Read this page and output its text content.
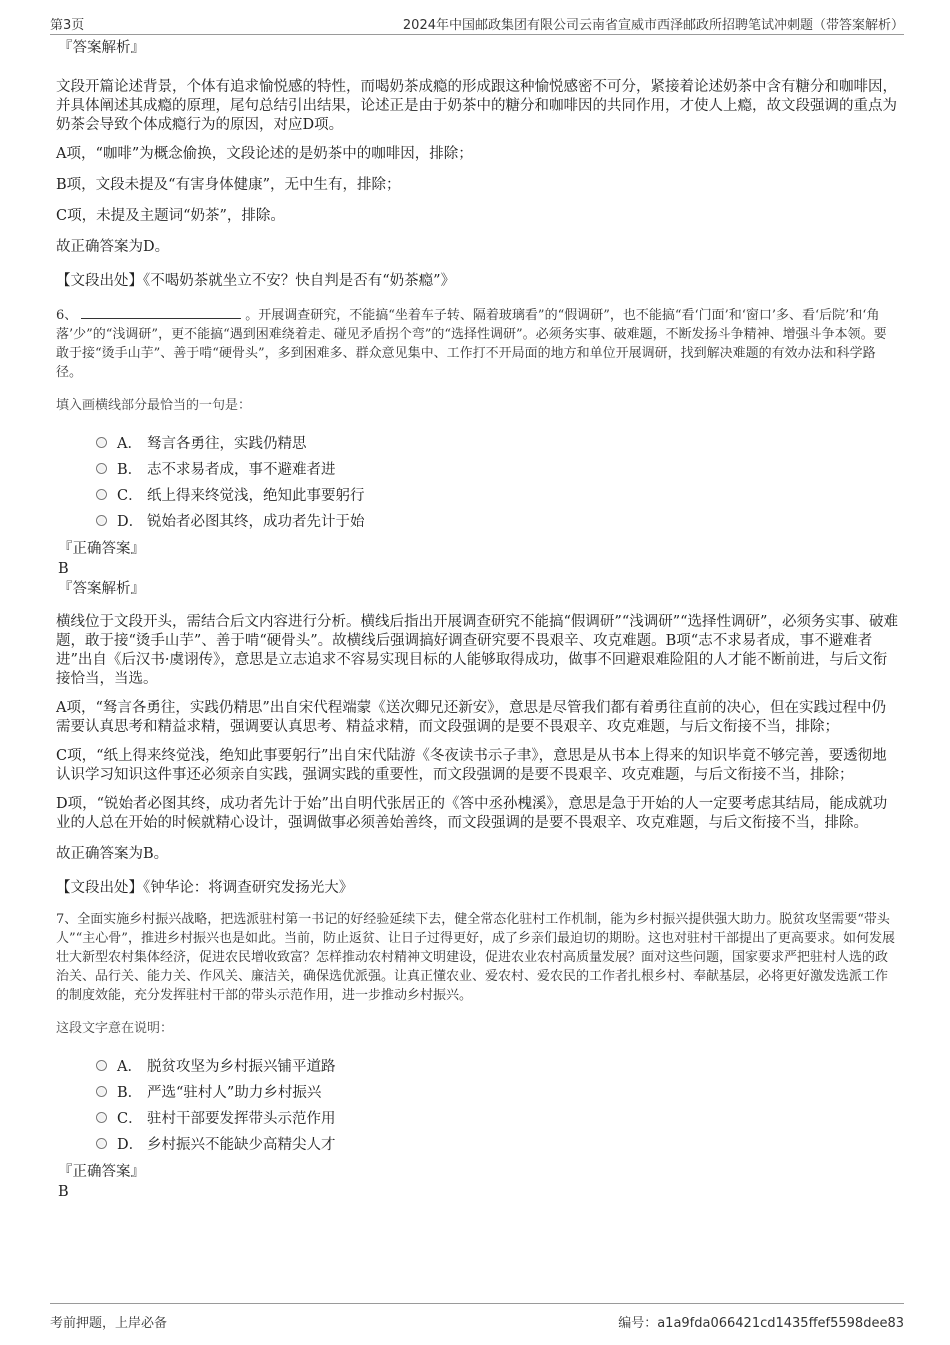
第3页	2024年中国邮政集团有限公司云南省宣威市西泽邮政所招聘笔试冲刺题（带答案解析）
『答案解析』

文段开篇论述背景，个体有追求愉悦感的特性，而喝奶茶成瘾的形成跟这种愉悦感密不可分，紧接着论述奶茶中含有糖分和咖啡因，并具体阐述其成瘾的原理，尾句总结引出结果，论述正是由于奶茶中的糖分和咖啡因的共同作用，才使人上瘾，故文段强调的重点为奶茶会导致个体成瘾行为的原因，对应D项。

A项，“咖啡”为概念偷换，文段论述的是奶茶中的咖啡因，排除；

B项，文段未提及“有害身体健康”，无中生有，排除；

C项，未提及主题词“奶茶”，排除。

故正确答案为D。

【文段出处】《不喝奶茶就坐立不安？快自判是否有“奶茶瘾”》

6、	。开展调查研究，不能搞“坐着车子转、隔着玻璃看”的“假调研”，也不能搞“看‘门面’和‘窗口’多、看‘后院’和‘角落’少”的“浅调研”，更不能搞“遇到困难绕着走、碰见矛盾拐个弯”的“选择性调研”。必须务实事、破难题，不断发扬斗争精神、增强斗争本领。要敢于接“烫手山芋”、善于啃“硬骨头”，多到困难多、群众意见集中、工作打不开局面的地方和单位开展调研，找到解决难题的有效办法和科学路径。

填入画横线部分最恰当的一句是：

A． 驽言各勇往，实践仍精思
B． 志不求易者成，事不避难者进
C． 纸上得来终觉浅，绝知此事要躬行
D． 锐始者必图其终，成功者先计于始
『正确答案』
B
『答案解析』

横线位于文段开头，需结合后文内容进行分析。横线后指出开展调查研究不能搞“假调研”“浅调研”“选择性调研”，必须务实事、破难题，敢于接“烫手山芋”、善于啃“硬骨头”。故横线后强调搞好调查研究要不畏艰辛、攻克难题。B项“志不求易者成，事不避难者进”出自《后汉书·虞诩传》，意思是立志追求不容易实现目标的人能够取得成功，做事不回避艰难险阻的人才能不断前进，与后文衔接恰当，当选。

A项，“驽言各勇往，实践仍精思”出自宋代程端蒙《送次卿兄还新安》，意思是尽管我们都有着勇往直前的决心，但在实践过程中仍需要认真思考和精益求精，强调要认真思考、精益求精，而文段强调的是要不畏艰辛、攻克难题，与后文衔接不当，排除；

C项，“纸上得来终觉浅，绝知此事要躬行”出自宋代陆游《冬夜读书示子聿》，意思是从书本上得来的知识毕竟不够完善，要透彻地认识学习知识这件事还必须亲自实践，强调实践的重要性，而文段强调的是要不畏艰辛、攻克难题，与后文衔接不当，排除；

D项，“锐始者必图其终，成功者先计于始”出自明代张居正的《答中丞孙槐溪》，意思是急于开始的人一定要考虑其结局，能成就功业的人总在开始的时候就精心设计，强调做事必须善始善终，而文段强调的是要不畏艰辛、攻克难题，与后文衔接不当，排除。

故正确答案为B。

【文段出处】《钟华论：将调查研究发扬光大》

7、全面实施乡村振兴战略，把选派驻村第一书记的好经验延续下去，健全常态化驻村工作机制，能为乡村振兴提供强大助力。脱贫攻坚需要“带头人”“主心骨”，推进乡村振兴也是如此。当前，防止返贫、让日子过得更好，成了乡亲们最迫切的期盼。这也对驻村干部提出了更高要求。如何发展壮大新型农村集体经济，促进农民增收致富？怎样推动农村精神文明建设，促进农业农村高质量发展？面对这些问题，国家要求严把驻村人选的政治关、品行关、能力关、作风关、廉洁关，确保选优派强。让真正懂农业、爱农村、爱农民的工作者扎根乡村、奉献基层，必将更好激发选派工作的制度效能，充分发挥驻村干部的带头示范作用，进一步推动乡村振兴。

这段文字意在说明：

A． 脱贫攻坚为乡村振兴铺平道路
B． 严选“驻村人”助力乡村振兴
C． 驻村干部要发挥带头示范作用
D． 乡村振兴不能缺少高精尖人才
『正确答案』
B
考前押题，上岸必备	编号：a1a9fda066421cd1435ffef5598dee83
